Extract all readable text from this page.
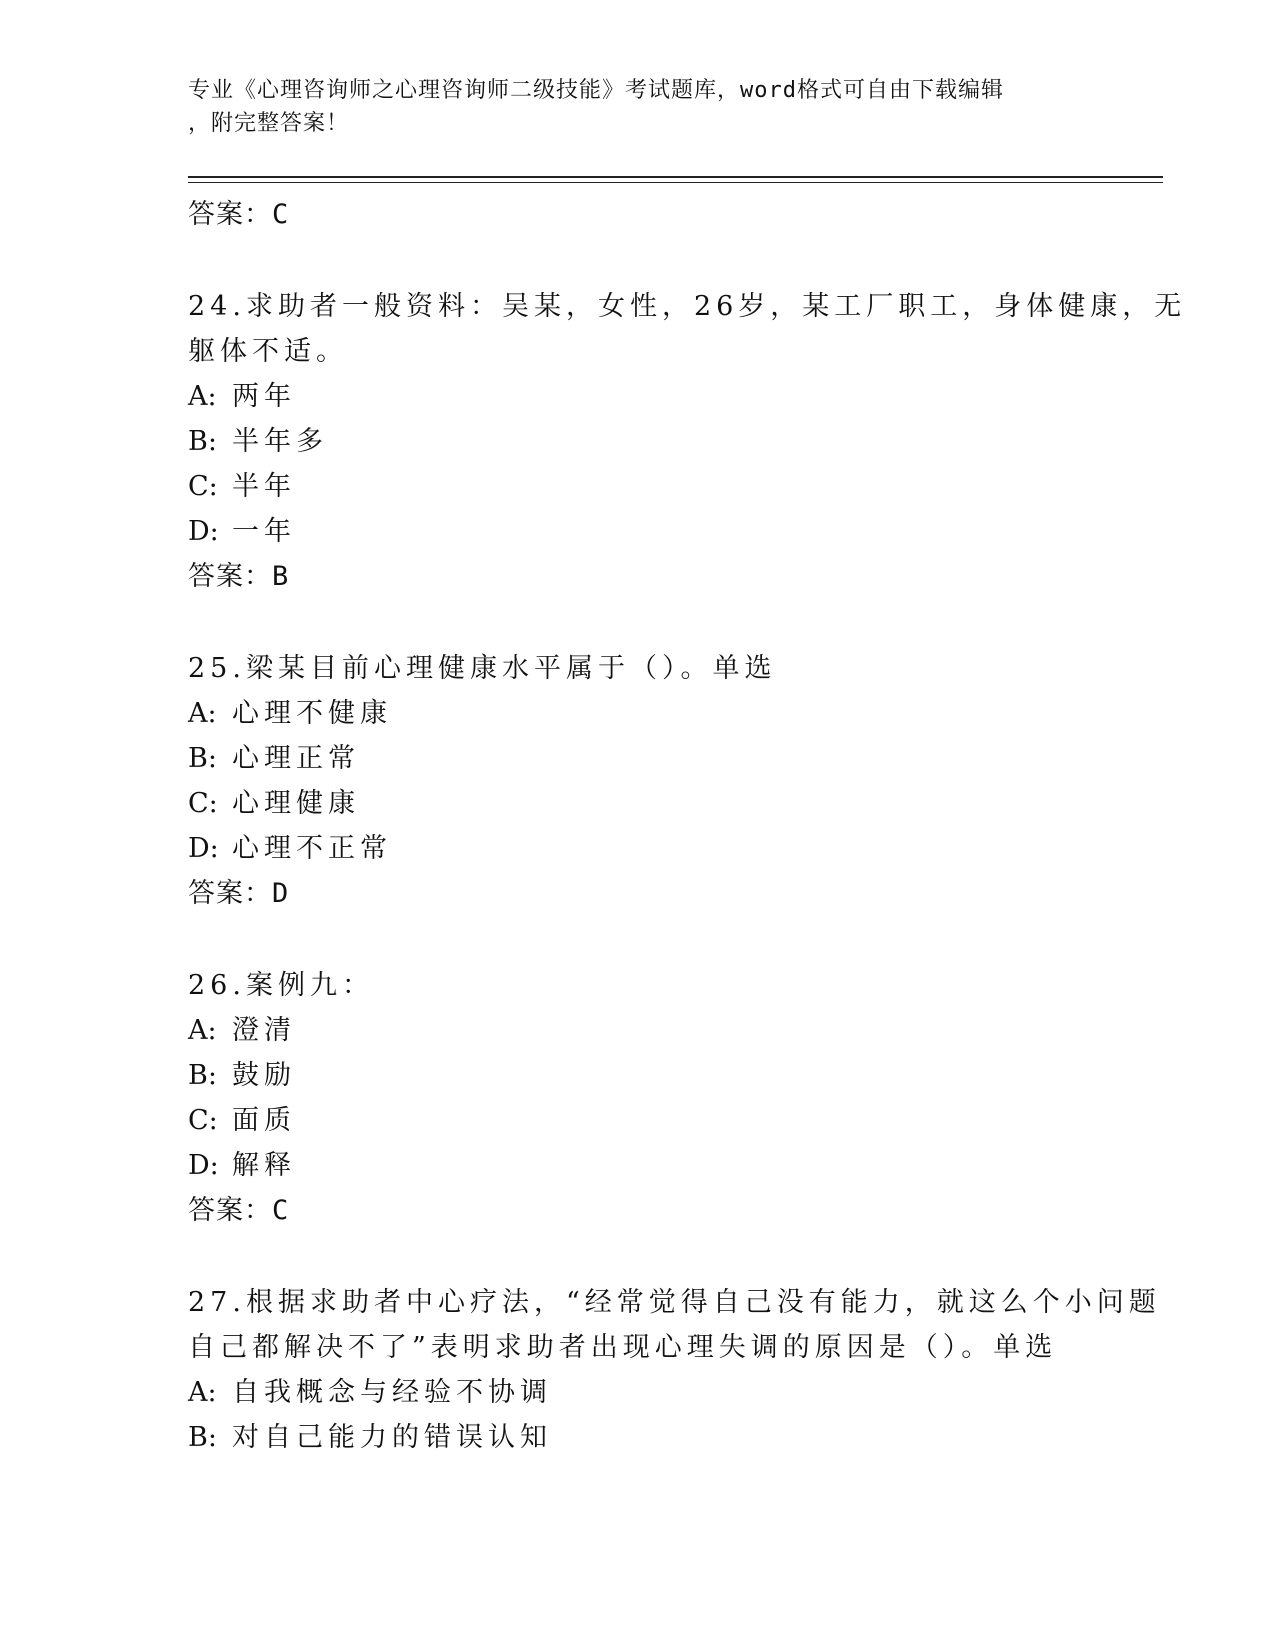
专业《心理咨询师之心理咨询师二级技能》考试题库，word格式可自由下载编辑
，附完整答案！
答案：C
24.求助者一般资料：吴某，女性，26岁，某工厂职工，身体健康，无
躯体不适。
A: 两年
B: 半年多
C: 半年
D: 一年
答案：B
25.梁某目前心理健康水平属于（）。单选
A: 心理不健康
B: 心理正常
C: 心理健康
D: 心理不正常
答案：D
26.案例九：
A: 澄清
B: 鼓励
C: 面质
D: 解释
答案：C
27.根据求助者中心疗法，“经常觉得自己没有能力，就这么个小问题
自己都解决不了”表明求助者出现心理失调的原因是（）。单选
A: 自我概念与经验不协调
B: 对自己能力的错误认知
